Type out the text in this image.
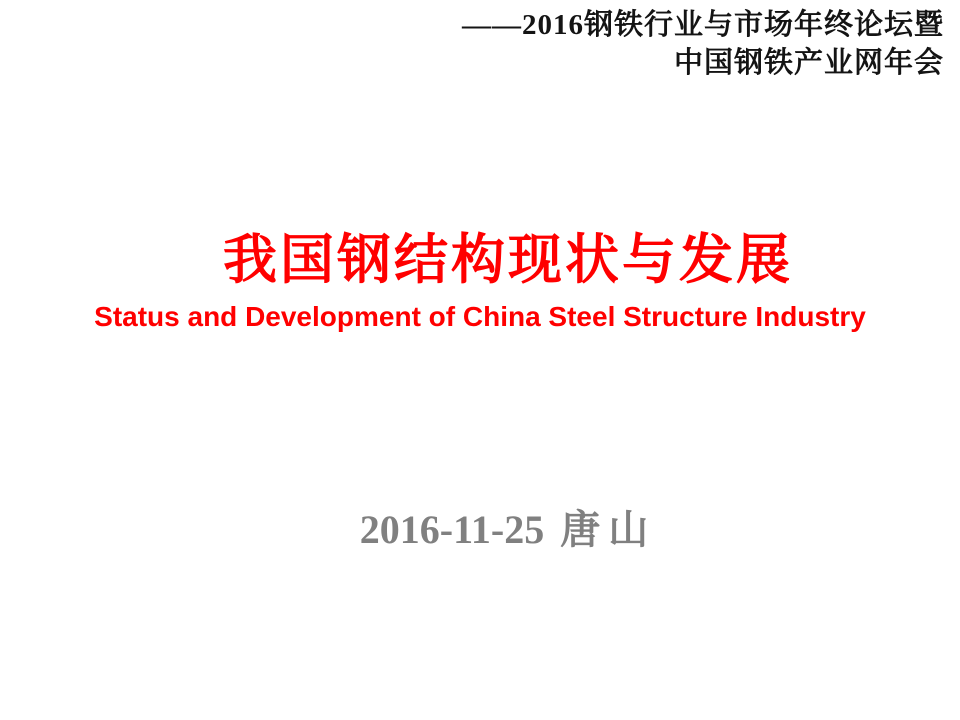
——2016钢铁行业与市场年终论坛暨
中国钢铁产业网年会
我国钢结构现状与发展
Status and Development of China Steel Structure Industry
2016-11-25 唐山
